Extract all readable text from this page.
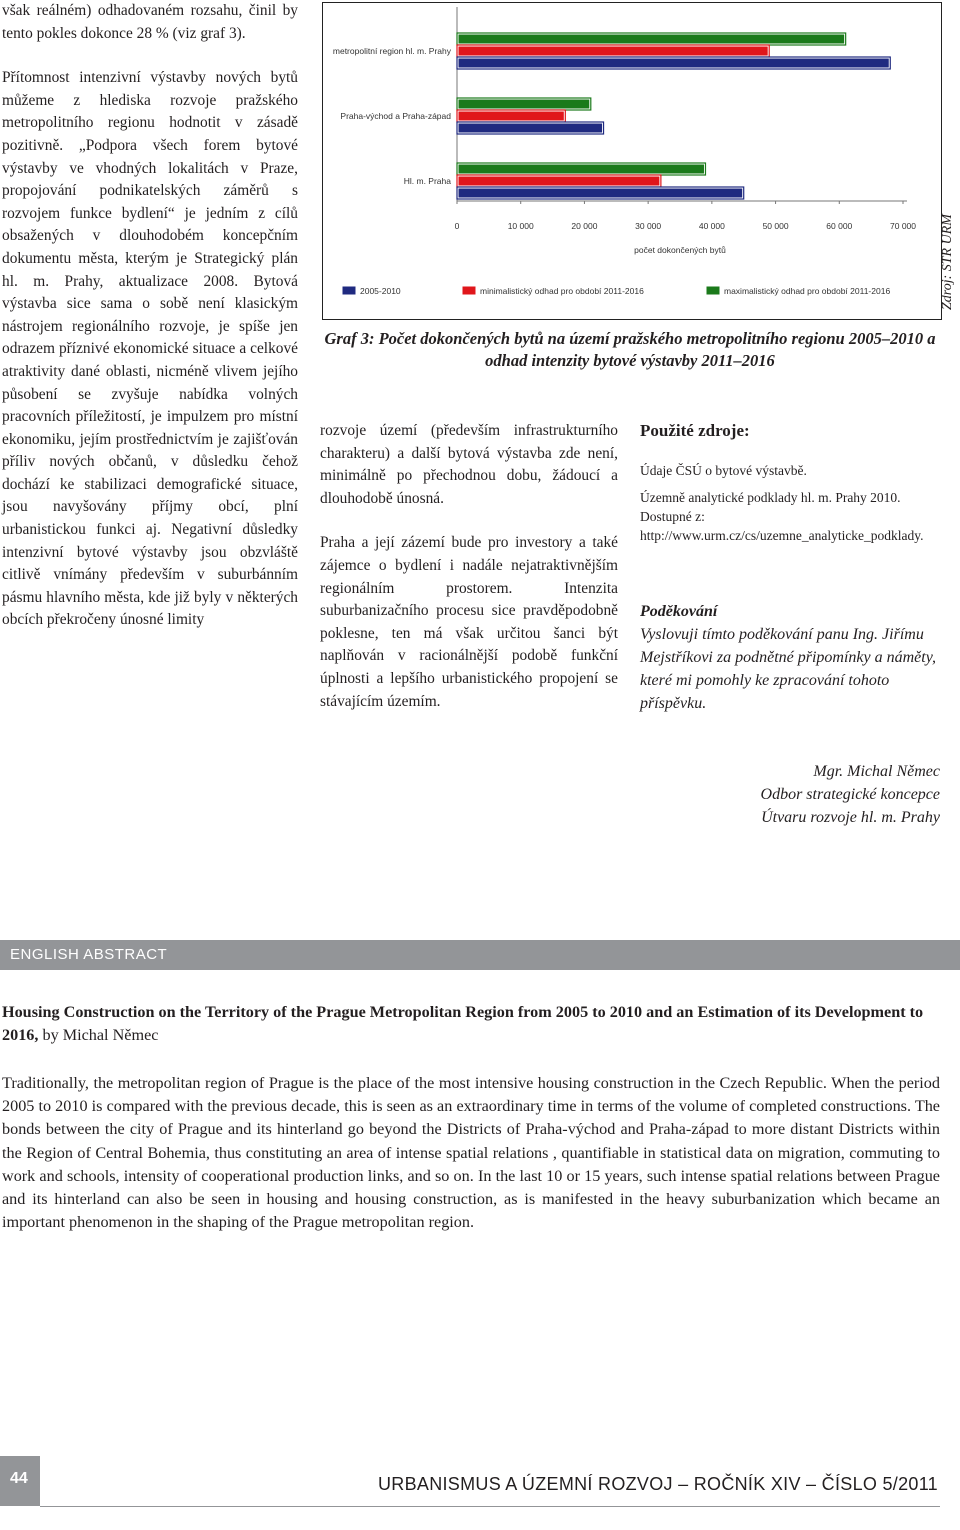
však reálném) odhadovaném rozsahu, činil by tento pokles dokonce 28 % (viz graf 3).

Přítomnost intenzivní výstavby nových bytů můžeme z hlediska rozvoje pražského metropolitního regionu hodnotit v zásadě pozitivně. „Podpora všech forem bytové výstavby ve vhodných lokalitách v Praze, propojování podnikatelských záměrů s rozvojem funkce bydlení“ je jedním z cílů obsažených v dlouhodobém koncepčním dokumentu města, kterým je Strategický plán hl. m. Prahy, aktualizace 2008. Bytová výstavba sice sama o sobě není klasickým nástrojem regionálního rozvoje, je spíše jen odrazem příznivé ekonomické situace a celkové atraktivity dané oblasti, nicméně vlivem jejího působení se zvyšuje nabídka volných pracovních příležitostí, je impulzem pro místní ekonomiku, jejím prostřednictvím je zajišťován příliv nových občanů, v důsledku čehož dochází ke stabilizaci demografické situace, jsou navyšovány příjmy obcí, plní urbanistickou funkci aj. Negativní důsledky intenzivní bytové výstavby jsou obzvláště citlivě vnímány především v suburbánním pásmu hlavního města, kde již byly v některých obcích překročeny únosné limity

0	10 000	20 000	30 000	40 000	50 000	60 000	70 000
metropolitní region hl. m. Prahy
Praha-východ a Praha-západ
Hl. m. Praha
počet dokončených bytů
2005-2010	minimalistický odhad pro období 2011-2016	maximalistický odhad pro období 2011-2016
Graf 3: Počet dokončených bytů na území pražského metropolitního regionu 2005–2010 a odhad intenzity bytové výstavby 2011–2016
Zdroj: STR URM

rozvoje území (především infrastrukturního charakteru) a další bytová výstavba zde není, minimálně po přechodnou dobu, žádoucí a dlouhodobě únosná.

Praha a její zázemí bude pro investory a také zájemce o bydlení i nadále nejatraktivnějším regionálním prostorem. Intenzita suburbanizačního procesu sice pravděpodobně poklesne, ten má však určitou šanci být naplňován v racionálnější podobě funkční úplnosti a lepšího urbanistického propojení se stávajícím územím.

Použité zdroje:
Údaje ČSÚ o bytové výstavbě.
Územně analytické podklady hl. m. Prahy 2010. Dostupné z: http://www.urm.cz/cs/uzemne_analyticke_podklady.
Poděkování
Vyslovuji tímto poděkování panu Ing. Jiřímu Mejstříkovi za podnětné připomínky a náměty, které mi pomohly ke zpracování tohoto příspěvku.
Mgr. Michal Němec
Odbor strategické koncepce
Útvaru rozvoje hl. m. Prahy
ENGLISH ABSTRACT
Housing Construction on the Territory of the Prague Metropolitan Region from 2005 to 2010 and an Estimation of its Development to 2016, by Michal Němec
Traditionally, the metropolitan region of Prague is the place of the most intensive housing construction in the Czech Republic. When the period 2005 to 2010 is compared with the previous decade, this is seen as an extraordinary time in terms of the volume of completed constructions. The bonds between the city of Prague and its hinterland go beyond the Districts of Praha-východ and Praha-západ to more distant Districts within the Region of Central Bohemia, thus constituting an area of intense spatial relations , quantifiable in statistical data on migration, commuting to work and schools, intensity of cooperational production links, and so on. In the last 10 or 15 years, such intense spatial relations between Prague and its hinterland can also be seen in housing and housing construction, as is manifested in the heavy suburbanization which became an important phenomenon in the shaping of the Prague metropolitan region.
44	URBANISMUS A ÚZEMNÍ ROZVOJ – ROČNÍK XIV – ČÍSLO 5/2011
